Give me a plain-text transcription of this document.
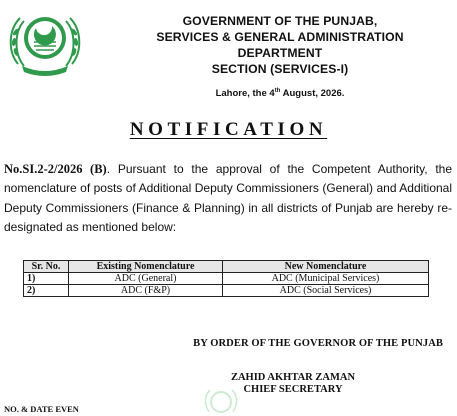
GOVERNMENT OF THE PUNJAB,
SERVICES & GENERAL ADMINISTRATION
DEPARTMENT
SECTION (SERVICES-I)
Lahore, the 4th August, 2026.
NOTIFICATION
No.SI.2-2/2026 (B). Pursuant to the approval of the Competent Authority, the nomenclature of posts of Additional Deputy Commissioners (General) and Additional Deputy Commissioners (Finance & Planning) in all districts of Punjab are hereby re-designated as mentioned below:
Sr. No.	Existing Nomenclature	New Nomenclature
1)	ADC (General)	ADC (Municipal Services)
2)	ADC (F&P)	ADC (Social Services)
BY ORDER OF THE GOVERNOR OF THE PUNJAB
ZAHID AKHTAR ZAMAN
CHIEF SECRETARY
NO. & DATE EVEN
